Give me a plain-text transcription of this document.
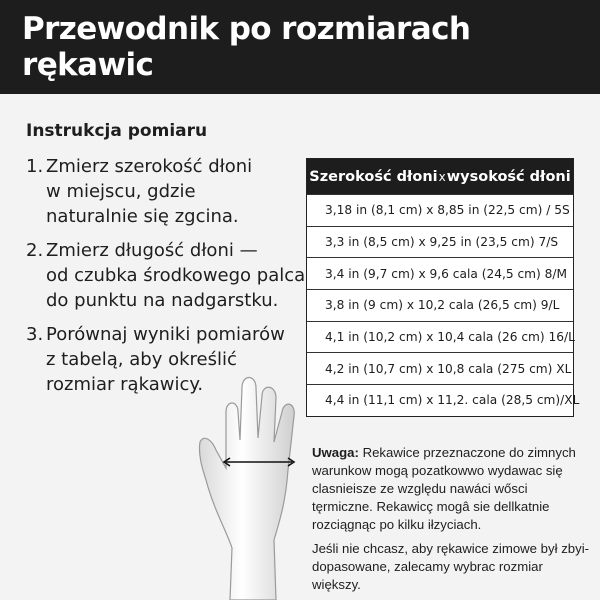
Przewodnik po rozmiarach rękawic
Instrukcja pomiaru
1. Zmierz szerokość dłoni
w miejscu, gdzie
naturalnie się zgcina.
2. Zmierz długość dłoni —
od czubka środkowego palca
do punktu na nadgarstku.
3. Porównaj wyniki pomiarów
z tabelą, aby określić
rozmiar rąkawicy.
Szerokość dłoni x wysokość dłoni
3,18 in (8,1 cm) x 8,85 in (22,5 cm) / 5S
3,3 in (8,5 cm) x 9,25 in (23,5 cm) 7/S
3,4 in (9,7 cm) x 9,6 cala (24,5 cm) 8/M
3,8 in (9 cm) x 10,2 cala (26,5 cm) 9/L
4,1 in (10,2 cm) x 10,4 cala (26 cm) 16/L
4,2 in (10,7 cm) x 10,8 cala (275 cm) XL
4,4 in (11,1 cm) x 11,2. cala (28,5 cm)/XL

Uwaga: Rekawice przeznaczone do zimnych warunkow mogą pozatkowwo wydawac się clasnieisze ze względu nawáci wősci tęrmiczne. Rekawicç mogâ sie dellkatnie rozciągnąc po kilku iłzyciach.

Jeśli nie chcasz, aby rękawice zimowe był zbyi-dopasowane, zalecamy wybrac rozmiar większy.
